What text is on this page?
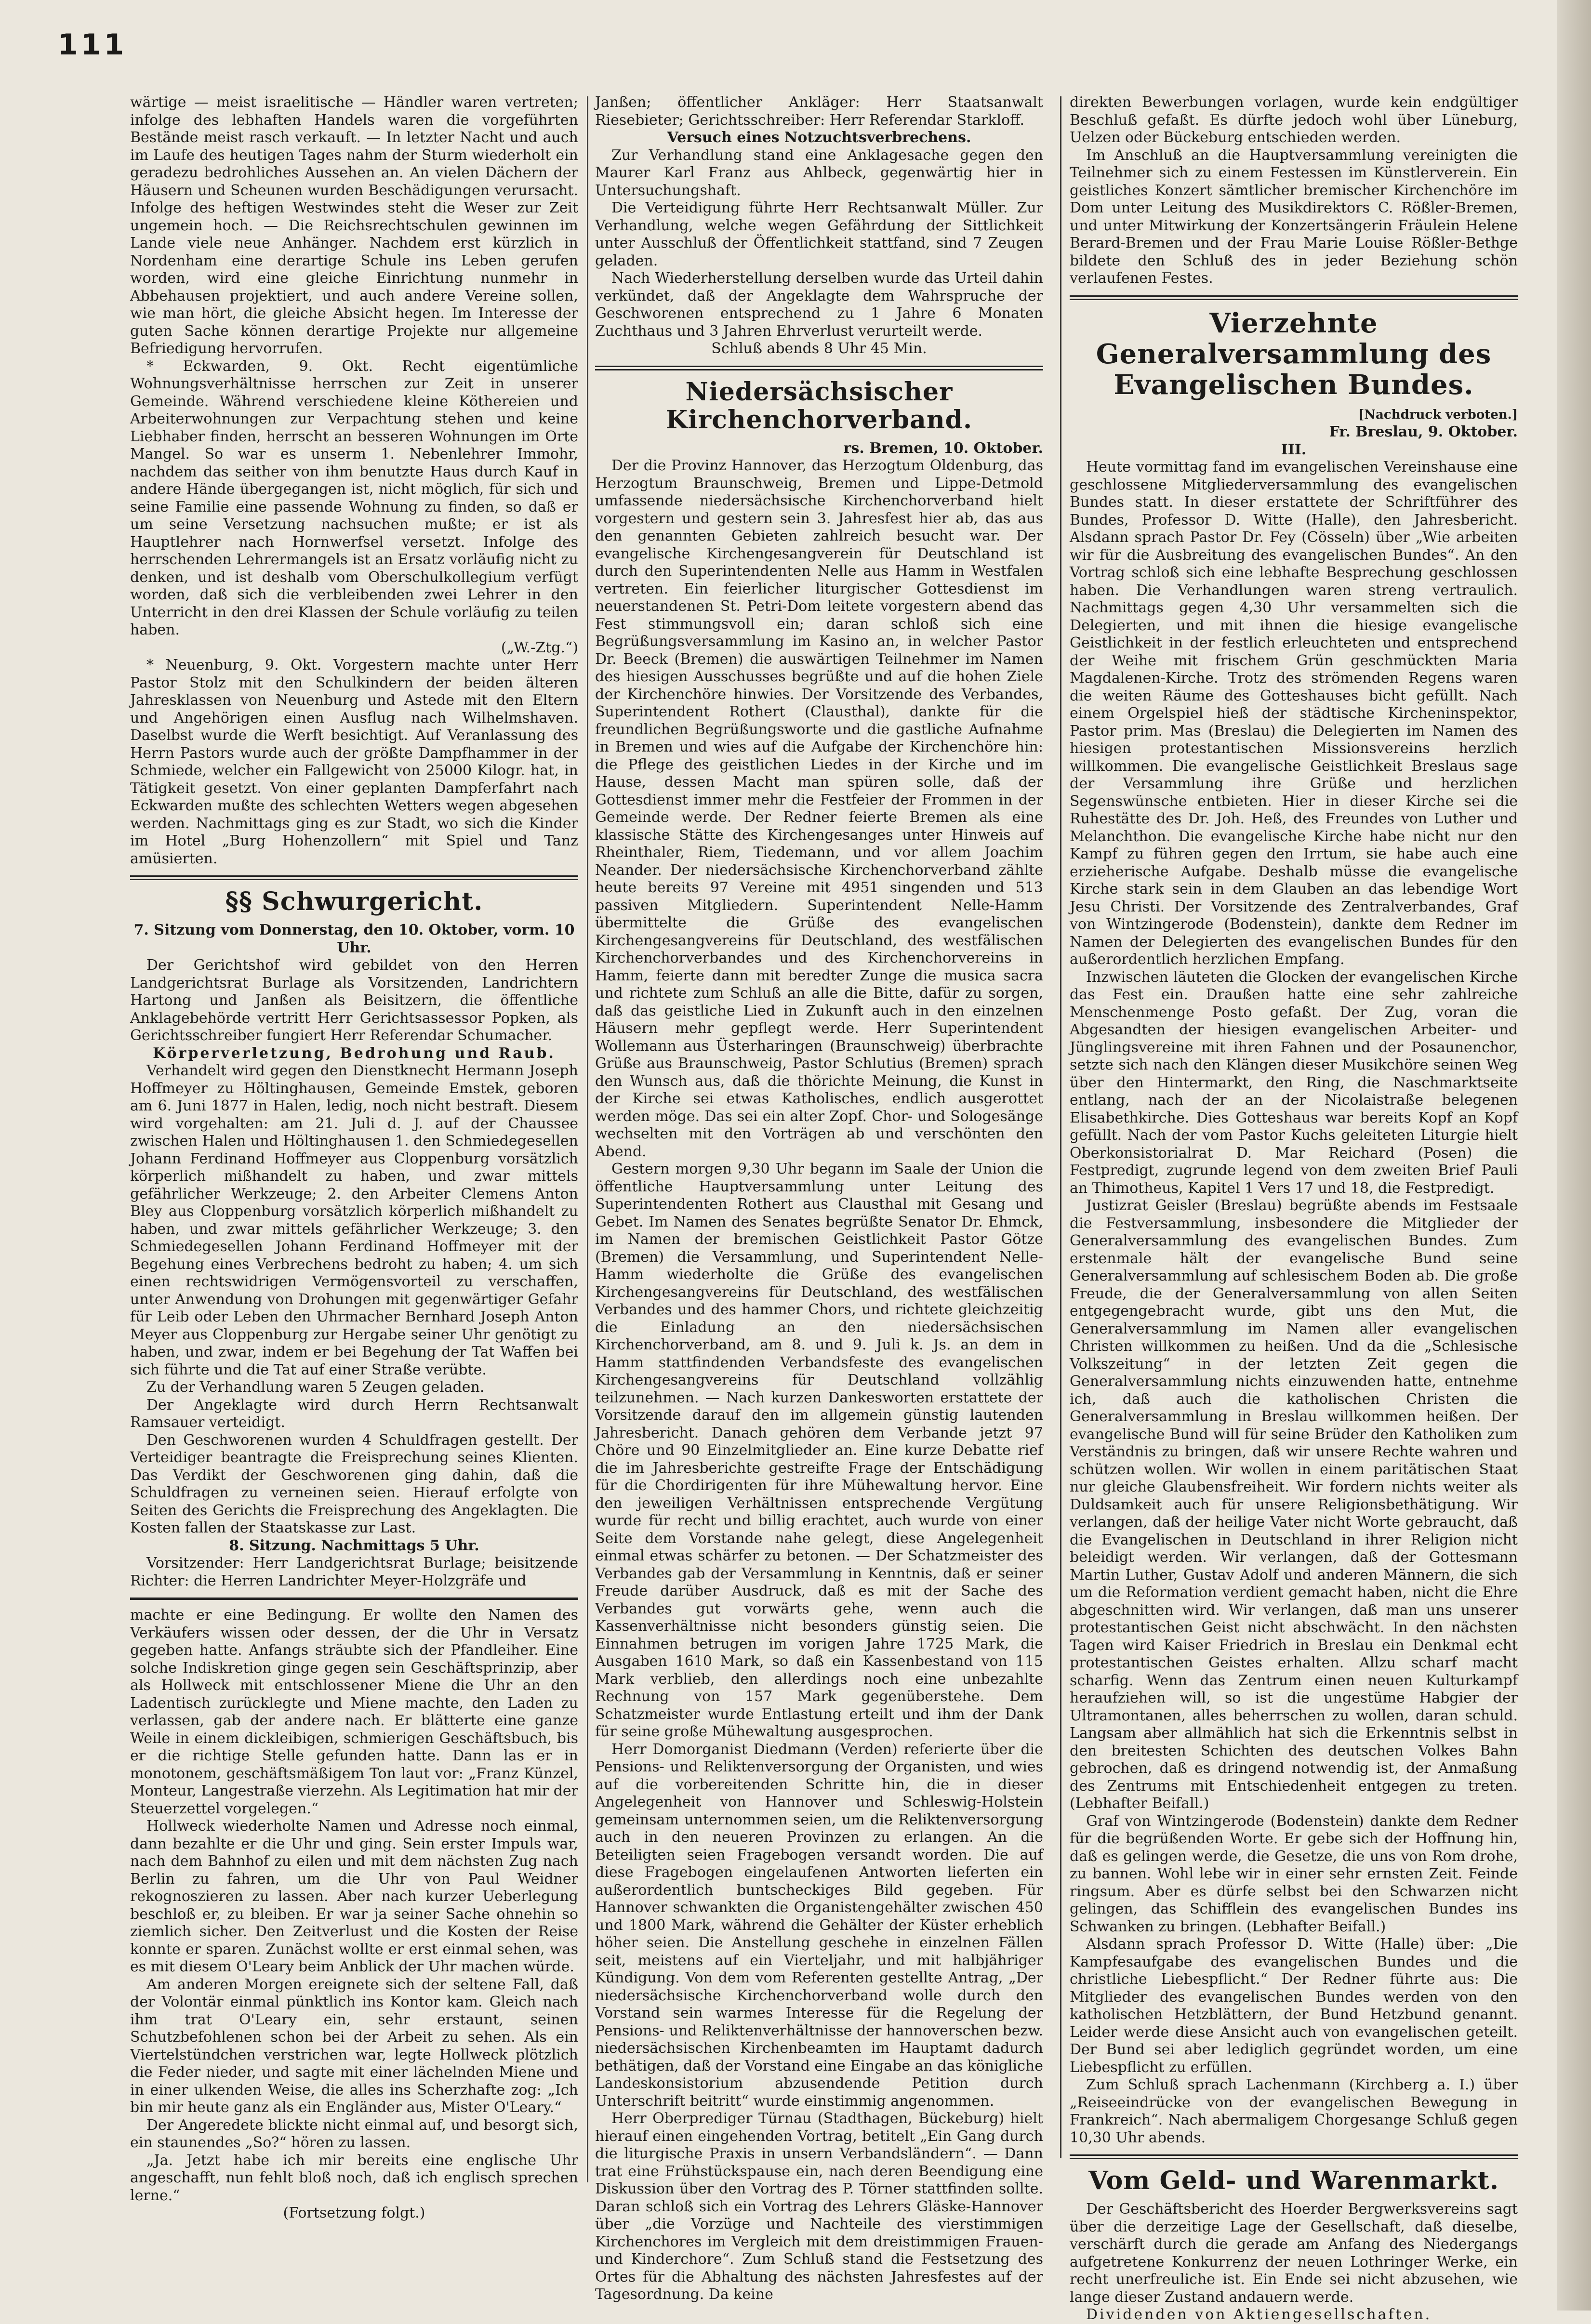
111

wärtige — meist israelitische — Händler waren vertreten; infolge des lebhaften Handels waren die vorgeführten Bestände meist rasch verkauft. — In letzter Nacht und auch im Laufe des heutigen Tages nahm der Sturm wiederholt ein geradezu bedrohliches Aussehen an. An vielen Dächern der Häusern und Scheunen wurden Beschädigungen verursacht. Infolge des heftigen Westwindes steht die Weser zur Zeit ungemein hoch. — Die Reichsrechtschulen gewinnen im Lande viele neue Anhänger. Nachdem erst kürzlich in Nordenham eine derartige Schule ins Leben gerufen worden, wird eine gleiche Einrichtung nunmehr in Abbehausen projektiert, und auch andere Vereine sollen, wie man hört, die gleiche Absicht hegen. Im Interesse der guten Sache können derartige Projekte nur allgemeine Befriedigung hervorrufen.

* Eckwarden, 9. Okt. Recht eigentümliche Wohnungsverhältnisse herrschen zur Zeit in unserer Gemeinde. Während verschiedene kleine Köthereien und Arbeiterwohnungen zur Verpachtung stehen und keine Liebhaber finden, herrscht an besseren Wohnungen im Orte Mangel. So war es unserm 1. Nebenlehrer Immohr, nachdem das seither von ihm benutzte Haus durch Kauf in andere Hände übergegangen ist, nicht möglich, für sich und seine Familie eine passende Wohnung zu finden, so daß er um seine Versetzung nachsuchen mußte; er ist als Hauptlehrer nach Hornwerfsel versetzt. Infolge des herrschenden Lehrermangels ist an Ersatz vorläufig nicht zu denken, und ist deshalb vom Oberschulkollegium verfügt worden, daß sich die verbleibenden zwei Lehrer in den Unterricht in den drei Klassen der Schule vorläufig zu teilen haben.

(„W.-Ztg.“)

* Neuenburg, 9. Okt. Vorgestern machte unter Herr Pastor Stolz mit den Schulkindern der beiden älteren Jahresklassen von Neuenburg und Astede mit den Eltern und Angehörigen einen Ausflug nach Wilhelmshaven. Daselbst wurde die Werft besichtigt. Auf Veranlassung des Herrn Pastors wurde auch der größte Dampfhammer in der Schmiede, welcher ein Fallgewicht von 25000 Kilogr. hat, in Tätigkeit gesetzt. Von einer geplanten Dampferfahrt nach Eckwarden mußte des schlechten Wetters wegen abgesehen werden. Nachmittags ging es zur Stadt, wo sich die Kinder im Hotel „Burg Hohenzollern“ mit Spiel und Tanz amüsierten.

§§ Schwurgericht.

7. Sitzung vom Donnerstag, den 10. Oktober, vorm. 10 Uhr.

Der Gerichtshof wird gebildet von den Herren Landgerichtsrat Burlage als Vorsitzenden, Landrichtern Hartong und Janßen als Beisitzern, die öffentliche Anklagebehörde vertritt Herr Gerichtsassessor Popken, als Gerichtsschreiber fungiert Herr Referendar Schumacher.

Körperverletzung, Bedrohung und Raub.

Verhandelt wird gegen den Dienstknecht Hermann Joseph Hoffmeyer zu Höltinghausen, Gemeinde Emstek, geboren am 6. Juni 1877 in Halen, ledig, noch nicht bestraft. Diesem wird vorgehalten: am 21. Juli d. J. auf der Chaussee zwischen Halen und Höltinghausen 1. den Schmiedegesellen Johann Ferdinand Hoffmeyer aus Cloppenburg vorsätzlich körperlich mißhandelt zu haben, und zwar mittels gefährlicher Werkzeuge; 2. den Arbeiter Clemens Anton Bley aus Cloppenburg vorsätzlich körperlich mißhandelt zu haben, und zwar mittels gefährlicher Werkzeuge; 3. den Schmiedegesellen Johann Ferdinand Hoffmeyer mit der Begehung eines Verbrechens bedroht zu haben; 4. um sich einen rechtswidrigen Vermögensvorteil zu verschaffen, unter Anwendung von Drohungen mit gegenwärtiger Gefahr für Leib oder Leben den Uhrmacher Bernhard Joseph Anton Meyer aus Cloppenburg zur Hergabe seiner Uhr genötigt zu haben, und zwar, indem er bei Begehung der Tat Waffen bei sich führte und die Tat auf einer Straße verübte.

Zu der Verhandlung waren 5 Zeugen geladen.

Der Angeklagte wird durch Herrn Rechtsanwalt Ramsauer verteidigt.

Den Geschworenen wurden 4 Schuldfragen gestellt. Der Verteidiger beantragte die Freisprechung seines Klienten. Das Verdikt der Geschworenen ging dahin, daß die Schuldfragen zu verneinen seien. Hierauf erfolgte von Seiten des Gerichts die Freisprechung des Angeklagten. Die Kosten fallen der Staatskasse zur Last.

8. Sitzung. Nachmittags 5 Uhr.

Vorsitzender: Herr Landgerichtsrat Burlage; beisitzende Richter: die Herren Landrichter Meyer-Holzgräfe und

machte er eine Bedingung. Er wollte den Namen des Verkäufers wissen oder dessen, der die Uhr in Versatz gegeben hatte. Anfangs sträubte sich der Pfandleiher. Eine solche Indiskretion ginge gegen sein Geschäftsprinzip, aber als Hollweck mit entschlossener Miene die Uhr an den Ladentisch zurücklegte und Miene machte, den Laden zu verlassen, gab der andere nach. Er blätterte eine ganze Weile in einem dickleibigen, schmierigen Geschäftsbuch, bis er die richtige Stelle gefunden hatte. Dann las er in monotonem, geschäftsmäßigem Ton laut vor: „Franz Künzel, Monteur, Langestraße vierzehn. Als Legitimation hat mir der Steuerzettel vorgelegen.“

Hollweck wiederholte Namen und Adresse noch einmal, dann bezahlte er die Uhr und ging. Sein erster Impuls war, nach dem Bahnhof zu eilen und mit dem nächsten Zug nach Berlin zu fahren, um die Uhr von Paul Weidner rekognoszieren zu lassen. Aber nach kurzer Ueberlegung beschloß er, zu bleiben. Er war ja seiner Sache ohnehin so ziemlich sicher. Den Zeitverlust und die Kosten der Reise konnte er sparen. Zunächst wollte er erst einmal sehen, was es mit diesem O'Leary beim Anblick der Uhr machen würde.

Am anderen Morgen ereignete sich der seltene Fall, daß der Volontär einmal pünktlich ins Kontor kam. Gleich nach ihm trat O'Leary ein, sehr erstaunt, seinen Schutzbefohlenen schon bei der Arbeit zu sehen. Als ein Viertelstündchen verstrichen war, legte Hollweck plötzlich die Feder nieder, und sagte mit einer lächelnden Miene und in einer ulkenden Weise, die alles ins Scherzhafte zog: „Ich bin mir heute ganz als ein Engländer aus, Mister O'Leary.“

Der Angeredete blickte nicht einmal auf, und besorgt sich, ein staunendes „So?“ hören zu lassen.

„Ja. Jetzt habe ich mir bereits eine englische Uhr angeschafft, nun fehlt bloß noch, daß ich englisch sprechen lerne.“

(Fortsetzung folgt.)

Janßen; öffentlicher Ankläger: Herr Staatsanwalt Riesebieter; Gerichtsschreiber: Herr Referendar Starkloff.

Versuch eines Notzuchtsverbrechens.

Zur Verhandlung stand eine Anklagesache gegen den Maurer Karl Franz aus Ahlbeck, gegenwärtig hier in Untersuchungshaft.

Die Verteidigung führte Herr Rechtsanwalt Müller. Zur Verhandlung, welche wegen Gefährdung der Sittlichkeit unter Ausschluß der Öffentlichkeit stattfand, sind 7 Zeugen geladen.

Nach Wiederherstellung derselben wurde das Urteil dahin verkündet, daß der Angeklagte dem Wahrspruche der Geschworenen entsprechend zu 1 Jahre 6 Monaten Zuchthaus und 3 Jahren Ehrverlust verurteilt werde.

Schluß abends 8 Uhr 45 Min.

Niedersächsischer Kirchenchorverband.

rs. Bremen, 10. Oktober.

Der die Provinz Hannover, das Herzogtum Oldenburg, das Herzogtum Braunschweig, Bremen und Lippe-Detmold umfassende niedersächsische Kirchenchorverband hielt vorgestern und gestern sein 3. Jahresfest hier ab, das aus den genannten Gebieten zahlreich besucht war. Der evangelische Kirchengesangverein für Deutschland ist durch den Superintendenten Nelle aus Hamm in Westfalen vertreten. Ein feierlicher liturgischer Gottesdienst im neuerstandenen St. Petri-Dom leitete vorgestern abend das Fest stimmungsvoll ein; daran schloß sich eine Begrüßungsversammlung im Kasino an, in welcher Pastor Dr. Beeck (Bremen) die auswärtigen Teilnehmer im Namen des hiesigen Ausschusses begrüßte und auf die hohen Ziele der Kirchenchöre hinwies. Der Vorsitzende des Verbandes, Superintendent Rothert (Clausthal), dankte für die freundlichen Begrüßungsworte und die gastliche Aufnahme in Bremen und wies auf die Aufgabe der Kirchenchöre hin: die Pflege des geistlichen Liedes in der Kirche und im Hause, dessen Macht man spüren solle, daß der Gottesdienst immer mehr die Festfeier der Frommen in der Gemeinde werde. Der Redner feierte Bremen als eine klassische Stätte des Kirchengesanges unter Hinweis auf Rheinthaler, Riem, Tiedemann, und vor allem Joachim Neander. Der niedersächsische Kirchenchorverband zählte heute bereits 97 Vereine mit 4951 singenden und 513 passiven Mitgliedern. Superintendent Nelle-Hamm übermittelte die Grüße des evangelischen Kirchengesangvereins für Deutschland, des westfälischen Kirchenchorverbandes und des Kirchenchorvereins in Hamm, feierte dann mit beredter Zunge die musica sacra und richtete zum Schluß an alle die Bitte, dafür zu sorgen, daß das geistliche Lied in Zukunft auch in den einzelnen Häusern mehr gepflegt werde. Herr Superintendent Wollemann aus Üsterharingen (Braunschweig) überbrachte Grüße aus Braunschweig, Pastor Schlutius (Bremen) sprach den Wunsch aus, daß die thörichte Meinung, die Kunst in der Kirche sei etwas Katholisches, endlich ausgerottet werden möge. Das sei ein alter Zopf. Chor- und Sologesänge wechselten mit den Vorträgen ab und verschönten den Abend.

Gestern morgen 9,30 Uhr begann im Saale der Union die öffentliche Hauptversammlung unter Leitung des Superintendenten Rothert aus Clausthal mit Gesang und Gebet. Im Namen des Senates begrüßte Senator Dr. Ehmck, im Namen der bremischen Geistlichkeit Pastor Götze (Bremen) die Versammlung, und Superintendent Nelle-Hamm wiederholte die Grüße des evangelischen Kirchengesangvereins für Deutschland, des westfälischen Verbandes und des hammer Chors, und richtete gleichzeitig die Einladung an den niedersächsischen Kirchenchorverband, am 8. und 9. Juli k. Js. an dem in Hamm stattfindenden Verbandsfeste des evangelischen Kirchengesangvereins für Deutschland vollzählig teilzunehmen. — Nach kurzen Dankesworten erstattete der Vorsitzende darauf den im allgemein günstig lautenden Jahresbericht. Danach gehören dem Verbande jetzt 97 Chöre und 90 Einzelmitglieder an. Eine kurze Debatte rief die im Jahresberichte gestreifte Frage der Entschädigung für die Chordirigenten für ihre Mühewaltung hervor. Eine den jeweiligen Verhältnissen entsprechende Vergütung wurde für recht und billig erachtet, auch wurde von einer Seite dem Vorstande nahe gelegt, diese Angelegenheit einmal etwas schärfer zu betonen. — Der Schatzmeister des Verbandes gab der Versammlung in Kenntnis, daß er seiner Freude darüber Ausdruck, daß es mit der Sache des Verbandes gut vorwärts gehe, wenn auch die Kassenverhältnisse nicht besonders günstig seien. Die Einnahmen betrugen im vorigen Jahre 1725 Mark, die Ausgaben 1610 Mark, so daß ein Kassenbestand von 115 Mark verblieb, den allerdings noch eine unbezahlte Rechnung von 157 Mark gegenüberstehe. Dem Schatzmeister wurde Entlastung erteilt und ihm der Dank für seine große Mühewaltung ausgesprochen.

Herr Domorganist Diedmann (Verden) referierte über die Pensions- und Reliktenversorgung der Organisten, und wies auf die vorbereitenden Schritte hin, die in dieser Angelegenheit von Hannover und Schleswig-Holstein gemeinsam unternommen seien, um die Reliktenversorgung auch in den neueren Provinzen zu erlangen. An die Beteiligten seien Fragebogen versandt worden. Die auf diese Fragebogen eingelaufenen Antworten lieferten ein außerordentlich buntscheckiges Bild gegeben. Für Hannover schwankten die Organistengehälter zwischen 450 und 1800 Mark, während die Gehälter der Küster erheblich höher seien. Die Anstellung geschehe in einzelnen Fällen seit, meistens auf ein Vierteljahr, und mit halbjähriger Kündigung. Von dem vom Referenten gestellte Antrag, „Der niedersächsische Kirchenchorverband wolle durch den Vorstand sein warmes Interesse für die Regelung der Pensions- und Reliktenverhältnisse der hannoverschen bezw. niedersächsischen Kirchenbeamten im Hauptamt dadurch bethätigen, daß der Vorstand eine Eingabe an das königliche Landeskonsistorium abzusendende Petition durch Unterschrift beitritt“ wurde einstimmig angenommen.

Herr Oberprediger Türnau (Stadthagen, Bückeburg) hielt hierauf einen eingehenden Vortrag, betitelt „Ein Gang durch die liturgische Praxis in unsern Verbandsländern“. — Dann trat eine Frühstückspause ein, nach deren Beendigung eine Diskussion über den Vortrag des P. Törner stattfinden sollte. Daran schloß sich ein Vortrag des Lehrers Gläske-Hannover über „die Vorzüge und Nachteile des vierstimmigen Kirchenchores im Vergleich mit dem dreistimmigen Frauen- und Kinderchore“. Zum Schluß stand die Festsetzung des Ortes für die Abhaltung des nächsten Jahresfestes auf der Tagesordnung. Da keine

direkten Bewerbungen vorlagen, wurde kein endgültiger Beschluß gefaßt. Es dürfte jedoch wohl über Lüneburg, Uelzen oder Bückeburg entschieden werden.

Im Anschluß an die Hauptversammlung vereinigten die Teilnehmer sich zu einem Festessen im Künstlerverein. Ein geistliches Konzert sämtlicher bremischer Kirchenchöre im Dom unter Leitung des Musikdirektors C. Rößler-Bremen, und unter Mitwirkung der Konzertsängerin Fräulein Helene Berard-Bremen und der Frau Marie Louise Rößler-Bethge bildete den Schluß des in jeder Beziehung schön verlaufenen Festes.

Vierzehnte Generalversammlung des Evangelischen Bundes.

[Nachdruck verboten.]

Fr. Breslau, 9. Oktober.

III.

Heute vormittag fand im evangelischen Vereinshause eine geschlossene Mitgliederversammlung des evangelischen Bundes statt. In dieser erstattete der Schriftführer des Bundes, Professor D. Witte (Halle), den Jahresbericht. Alsdann sprach Pastor Dr. Fey (Cösseln) über „Wie arbeiten wir für die Ausbreitung des evangelischen Bundes“. An den Vortrag schloß sich eine lebhafte Besprechung geschlossen haben. Die Verhandlungen waren streng vertraulich. Nachmittags gegen 4,30 Uhr versammelten sich die Delegierten, und mit ihnen die hiesige evangelische Geistlichkeit in der festlich erleuchteten und entsprechend der Weihe mit frischem Grün geschmückten Maria Magdalenen-Kirche. Trotz des strömenden Regens waren die weiten Räume des Gotteshauses bicht gefüllt. Nach einem Orgelspiel hieß der städtische Kircheninspektor, Pastor prim. Mas (Breslau) die Delegierten im Namen des hiesigen protestantischen Missionsvereins herzlich willkommen. Die evangelische Geistlichkeit Breslaus sage der Versammlung ihre Grüße und herzlichen Segenswünsche entbieten. Hier in dieser Kirche sei die Ruhestätte des Dr. Joh. Heß, des Freundes von Luther und Melanchthon. Die evangelische Kirche habe nicht nur den Kampf zu führen gegen den Irrtum, sie habe auch eine erzieherische Aufgabe. Deshalb müsse die evangelische Kirche stark sein in dem Glauben an das lebendige Wort Jesu Christi. Der Vorsitzende des Zentralverbandes, Graf von Wintzingerode (Bodenstein), dankte dem Redner im Namen der Delegierten des evangelischen Bundes für den außerordentlich herzlichen Empfang.

Inzwischen läuteten die Glocken der evangelischen Kirche das Fest ein. Draußen hatte eine sehr zahlreiche Menschenmenge Posto gefaßt. Der Zug, voran die Abgesandten der hiesigen evangelischen Arbeiter- und Jünglingsvereine mit ihren Fahnen und der Posaunenchor, setzte sich nach den Klängen dieser Musikchöre seinen Weg über den Hintermarkt, den Ring, die Naschmarktseite entlang, nach der an der Nicolaistraße belegenen Elisabethkirche. Dies Gotteshaus war bereits Kopf an Kopf gefüllt. Nach der vom Pastor Kuchs geleiteten Liturgie hielt Oberkonsistorialrat D. Mar Reichard (Posen) die Festpredigt, zugrunde legend von dem zweiten Brief Pauli an Thimotheus, Kapitel 1 Vers 17 und 18, die Festpredigt.

Justizrat Geisler (Breslau) begrüßte abends im Festsaale die Festversammlung, insbesondere die Mitglieder der Generalversammlung des evangelischen Bundes. Zum erstenmale hält der evangelische Bund seine Generalversammlung auf schlesischem Boden ab. Die große Freude, die der Generalversammlung von allen Seiten entgegengebracht wurde, gibt uns den Mut, die Generalversammlung im Namen aller evangelischen Christen willkommen zu heißen. Und da die „Schlesische Volkszeitung“ in der letzten Zeit gegen die Generalversammlung nichts einzuwenden hatte, entnehme ich, daß auch die katholischen Christen die Generalversammlung in Breslau willkommen heißen. Der evangelische Bund will für seine Brüder den Katholiken zum Verständnis zu bringen, daß wir unsere Rechte wahren und schützen wollen. Wir wollen in einem paritätischen Staat nur gleiche Glaubensfreiheit. Wir fordern nichts weiter als Duldsamkeit auch für unsere Religionsbethätigung. Wir verlangen, daß der heilige Vater nicht Worte gebraucht, daß die Evangelischen in Deutschland in ihrer Religion nicht beleidigt werden. Wir verlangen, daß der Gottesmann Martin Luther, Gustav Adolf und anderen Männern, die sich um die Reformation verdient gemacht haben, nicht die Ehre abgeschnitten wird. Wir verlangen, daß man uns unserer protestantischen Geist nicht abschwächt. In den nächsten Tagen wird Kaiser Friedrich in Breslau ein Denkmal echt protestantischen Geistes erhalten. Allzu scharf macht scharfig. Wenn das Zentrum einen neuen Kulturkampf heraufziehen will, so ist die ungestüme Habgier der Ultramontanen, alles beherrschen zu wollen, daran schuld. Langsam aber allmählich hat sich die Erkenntnis selbst in den breitesten Schichten des deutschen Volkes Bahn gebrochen, daß es dringend notwendig ist, der Anmaßung des Zentrums mit Entschiedenheit entgegen zu treten. (Lebhafter Beifall.)

Graf von Wintzingerode (Bodenstein) dankte dem Redner für die begrüßenden Worte. Er gebe sich der Hoffnung hin, daß es gelingen werde, die Gesetze, die uns von Rom drohe, zu bannen. Wohl lebe wir in einer sehr ernsten Zeit. Feinde ringsum. Aber es dürfe selbst bei den Schwarzen nicht gelingen, das Schifflein des evangelischen Bundes ins Schwanken zu bringen. (Lebhafter Beifall.)

Alsdann sprach Professor D. Witte (Halle) über: „Die Kampfesaufgabe des evangelischen Bundes und die christliche Liebespflicht.“ Der Redner führte aus: Die Mitglieder des evangelischen Bundes werden von den katholischen Hetzblättern, der Bund Hetzbund genannt. Leider werde diese Ansicht auch von evangelischen geteilt. Der Bund sei aber lediglich gegründet worden, um eine Liebespflicht zu erfüllen.

Zum Schluß sprach Lachenmann (Kirchberg a. I.) über „Reiseeindrücke von der evangelischen Bewegung in Frankreich“. Nach abermaligem Chorgesange Schluß gegen 10,30 Uhr abends.

Vom Geld- und Warenmarkt.

Der Geschäftsbericht des Hoerder Bergwerksvereins sagt über die derzeitige Lage der Gesellschaft, daß dieselbe, verschärft durch die gerade am Anfang des Niedergangs aufgetretene Konkurrenz der neuen Lothringer Werke, ein recht unerfreuliche ist. Ein Ende sei nicht abzusehen, wie lange dieser Zustand andauern werde.

Dividenden von Aktiengesellschaften.
